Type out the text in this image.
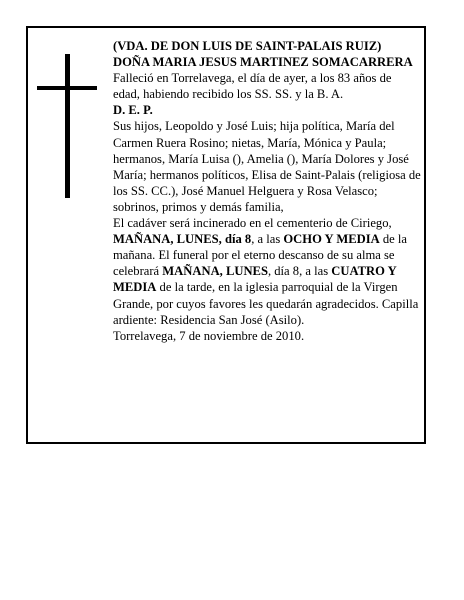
(VDA. DE DON LUIS DE SAINT-PALAIS RUIZ)

DOÑA MARIA JESUS MARTINEZ SOMACARRERA

Falleció en Torrelavega, el día de ayer, a los 83 años de edad, habiendo recibido los SS. SS. y la B. A.

D. E. P.

Sus hijos, Leopoldo y José Luis; hija política, María del Carmen Ruera Rosino; nietas, María, Mónica y Paula; hermanos, María Luisa (), Amelia (), María Dolores y José María; hermanos políticos, Elisa de Saint-Palais (religiosa de los SS. CC.), José Manuel Helguera y Rosa Velasco; sobrinos, primos y demás familia,

El cadáver será incinerado en el cementerio de Ciriego, MAÑANA, LUNES, día 8, a las OCHO Y MEDIA de la mañana. El funeral por el eterno descanso de su alma se celebrará MAÑANA, LUNES, día 8, a las CUATRO Y MEDIA de la tarde, en la iglesia parroquial de la Virgen Grande, por cuyos favores les quedarán agradecidos. Capilla ardiente: Residencia San José (Asilo).

Torrelavega, 7 de noviembre de 2010.
